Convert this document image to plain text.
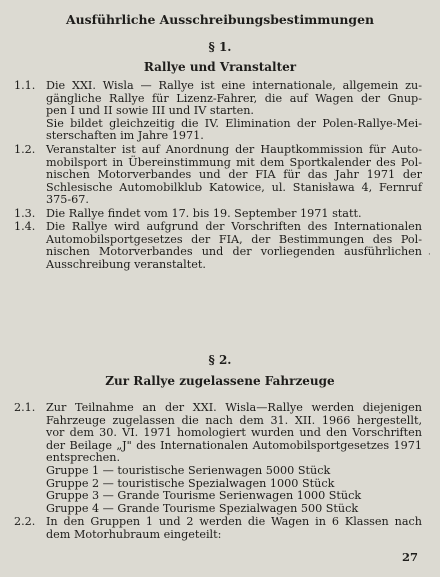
Ausführliche Ausschreibungsbestimmungen
§ 1.
Rallye und Vranstalter
1.1. Die XXI. Wisla — Rallye ist eine internationale, allgemein zu-
gängliche Rallye für Lizenz-Fahrer, die auf Wagen der Gnup-
pen I und II sowie III und IV starten.
Sie bildet gleichzeitig die IV. Elimination der Polen-Rallye-Mei-
sterschaften im Jahre 1971.
1.2. Veranstalter ist auf Anordnung der Hauptkommission für Auto-
mobilsport in Übereinstimmung mit dem Sportkalender des Pol-
nischen Motorverbandes und der FIA für das Jahr 1971 der
Schlesische Automobilklub Katowice, ul. Stanisława 4, Fernruf
375-67.
1.3. Die Rallye findet vom 17. bis 19. September 1971 statt.
1.4. Die Rallye wird aufgrund der Vorschriften des Internationalen
Automobilsportgesetzes der FIA, der Bestimmungen des Pol-
nischen Motorverbandes und der vorliegenden ausführlichen
Ausschreibung veranstaltet.
§ 2.
Zur Rallye zugelassene Fahrzeuge
2.1. Zur Teilnahme an der XXI. Wisla—Rallye werden diejenigen
Fahrzeuge zugelassen die nach dem 31. XII. 1966 hergestellt,
vor dem 30. VI. 1971 homologiert wurden und den Vorschriften
der Beilage „J" des Internationalen Automobilsportgesetzes 1971
entsprechen.
Gruppe 1 — touristische Serienwagen 5000 Stück
Gruppe 2 — touristische Spezialwagen 1000 Stück
Gruppe 3 — Grande Tourisme Serienwagen 1000 Stück
Gruppe 4 — Grande Tourisme Spezialwagen 500 Stück
2.2. In den Gruppen 1 und 2 werden die Wagen in 6 Klassen nach
dem Motorhubraum eingeteilt:
27
·
